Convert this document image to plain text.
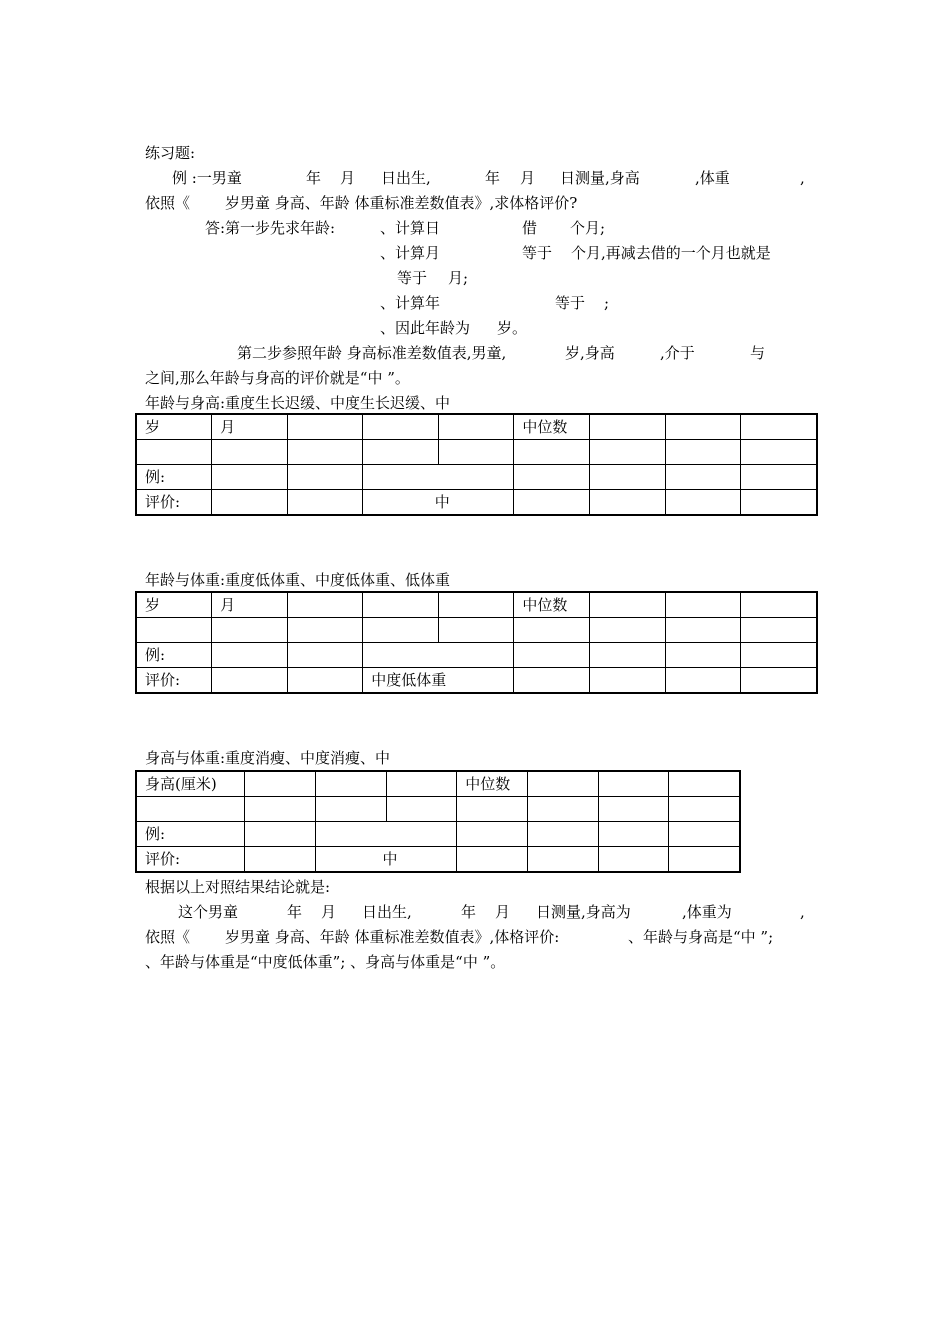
练习题:
例 :一男童	年 月 日出生,	年 月 日测量,身高	,体重	,
依照《 岁男童 身高、年龄 体重标准差数值表》,求体格评价?
答:第一步先求年龄:	、计算日	借 个月;
、计算月	等于 个月,再减去借的一个月也就是
等于 月;
、计算年	等于 ;
、因此年龄为 岁。
第二步参照年龄 身高标准差数值表,男童,	岁,身高	,介于	与
之间,那么年龄与身高的评价就是“中 ”。
年龄与身高:重度生长迟缓、中度生长迟缓、中
岁	月				中位数			

例:								
评价:			中					
年龄与体重:重度低体重、中度低体重、低体重
岁	月				中位数			

例:								
评价:			中度低体重					
身高与体重:重度消瘦、中度消瘦、中
身高(厘米)				中位数			

例:							
评价:		中					
根据以上对照结果结论就是:
这个男童	年 月 日出生,	年 月 日测量,身高为	,体重为	,
依照《 岁男童 身高、年龄 体重标准差数值表》,体格评价:	、年龄与身高是“中 ”;
、年龄与体重是“中度低体重”; 、身高与体重是“中 ”。
